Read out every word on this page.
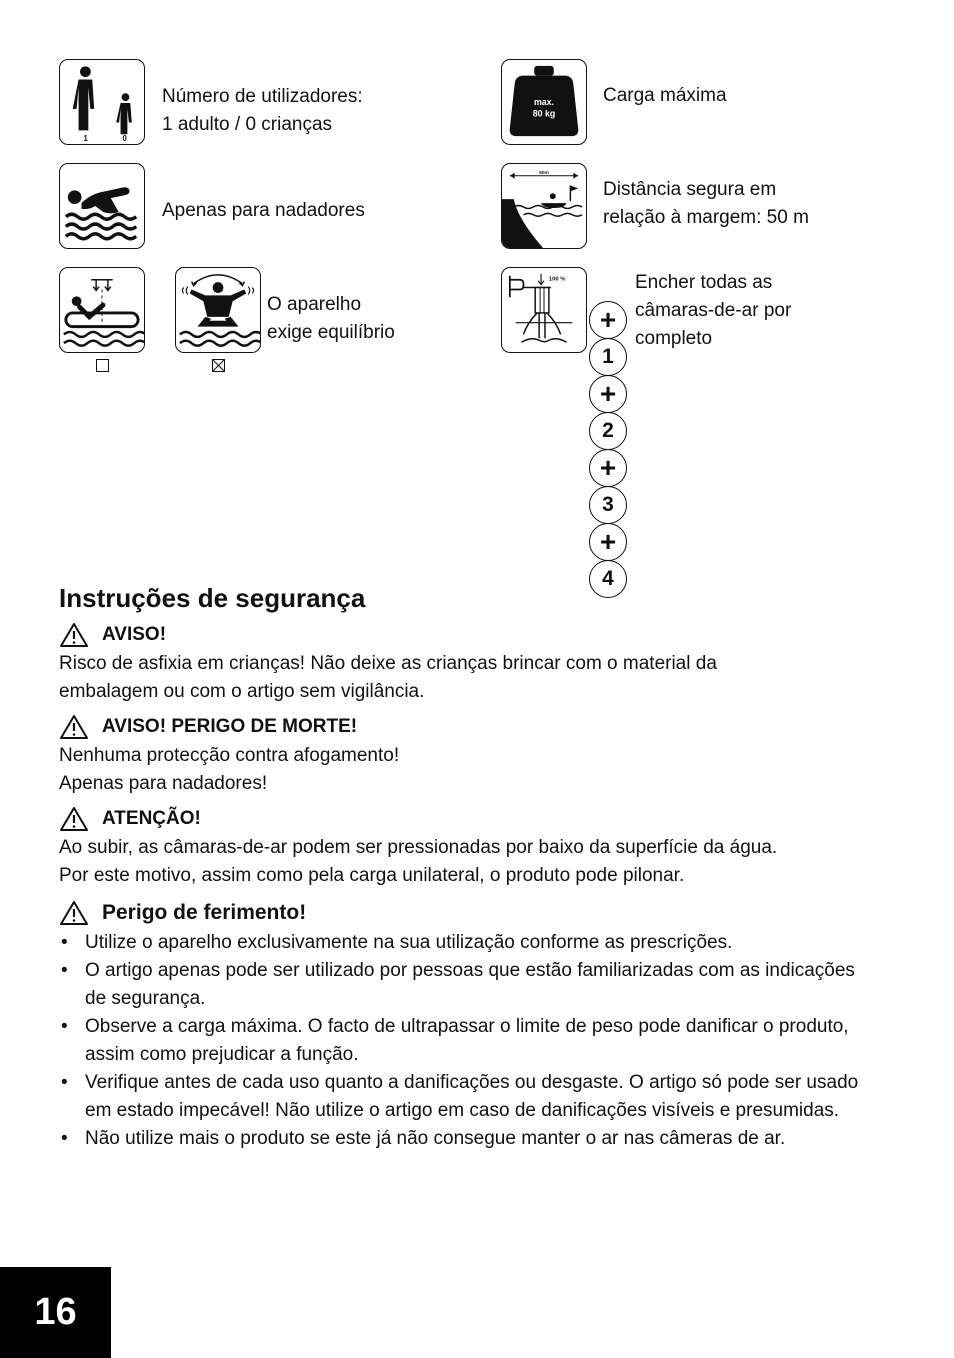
1	0
Número de utilizadores:
1 adulto / 0 crianças
max.
80 kg
Carga máxima
Apenas para nadadores
50m
Distância segura em
relação à margem: 50 m
O aparelho
exige equilíbrio
100 %	Encher todas as
câmaras-de-ar por
completo
+
1
+
2
+
3
+
4
Instruções de segurança
AVISO!

Risco de asfixia em crianças! Não deixe as crianças brincar com o material da
embalagem ou com o artigo sem vigilância.

AVISO! PERIGO DE MORTE!

Nenhuma protecção contra afogamento!
Apenas para nadadores!

ATENÇÃO!

Ao subir, as câmaras-de-ar podem ser pressionadas por baixo da superfície da água.
Por este motivo, assim como pela carga unilateral, o produto pode pilonar.

Perigo de ferimento!
• Utilize o aparelho exclusivamente na sua utilização conforme as prescrições.
• O artigo apenas pode ser utilizado por pessoas que estão familiarizadas com as indicações de segurança.
• Observe a carga máxima. O facto de ultrapassar o limite de peso pode danificar o produto, assim como prejudicar a função.
• Verifique antes de cada uso quanto a danificações ou desgaste. O artigo só pode ser usado em estado impecável! Não utilize o artigo em caso de danificações visíveis e presumidas.
• Não utilize mais o produto se este já não consegue manter o ar nas câmeras de ar.
16
